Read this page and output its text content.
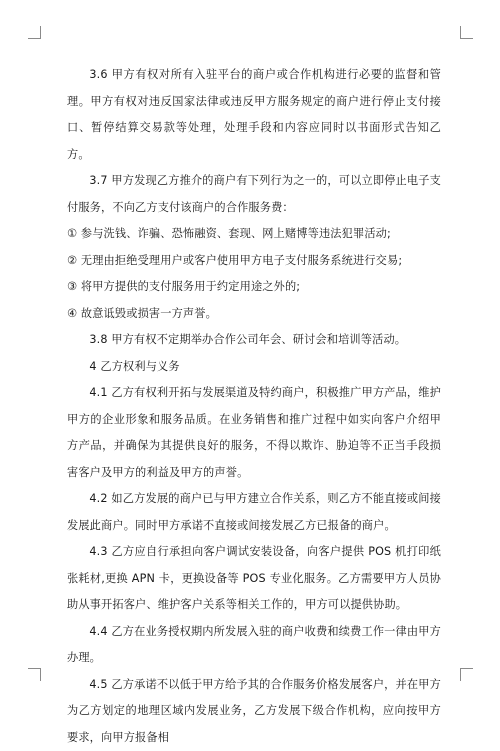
3.6 甲方有权对所有入驻平台的商户或合作机构进行必要的监督和管理。甲方有权对违反国家法律或违反甲方服务规定的商户进行停止支付接口、暂停结算交易款等处理，处理手段和内容应同时以书面形式告知乙方。

3.7 甲方发现乙方推介的商户有下列行为之一的，可以立即停止电子支付服务，不向乙方支付该商户的合作服务费：

① 参与洗钱、诈骗、恐怖融资、套现、网上赌博等违法犯罪活动;

② 无理由拒绝受理用户或客户使用甲方电子支付服务系统进行交易;

③ 将甲方提供的支付服务用于约定用途之外的;

④ 故意诋毁或损害一方声誉。

3.8 甲方有权不定期举办合作公司年会、研讨会和培训等活动。

4 乙方权利与义务

4.1 乙方有权利开拓与发展渠道及特约商户，积极推广甲方产品，维护甲方的企业形象和服务品质。在业务销售和推广过程中如实向客户介绍甲方产品，并确保为其提供良好的服务，不得以欺诈、胁迫等不正当手段损害客户及甲方的利益及甲方的声誉。

4.2 如乙方发展的商户已与甲方建立合作关系，则乙方不能直接或间接发展此商户。同时甲方承诺不直接或间接发展乙方已报备的商户。

4.3 乙方应自行承担向客户调试安装设备，向客户提供 POS 机打印纸张耗材,更换 APN 卡，更换设备等 POS 专业化服务。乙方需要甲方人员协助从事开拓客户、维护客户关系等相关工作的，甲方可以提供协助。

4.4 乙方在业务授权期内所发展入驻的商户收费和续费工作一律由甲方办理。

4.5 乙方承诺不以低于甲方给予其的合作服务价格发展客户，并在甲方为乙方划定的地理区域内发展业务，乙方发展下级合作机构，应向按甲方要求，向甲方报备相
